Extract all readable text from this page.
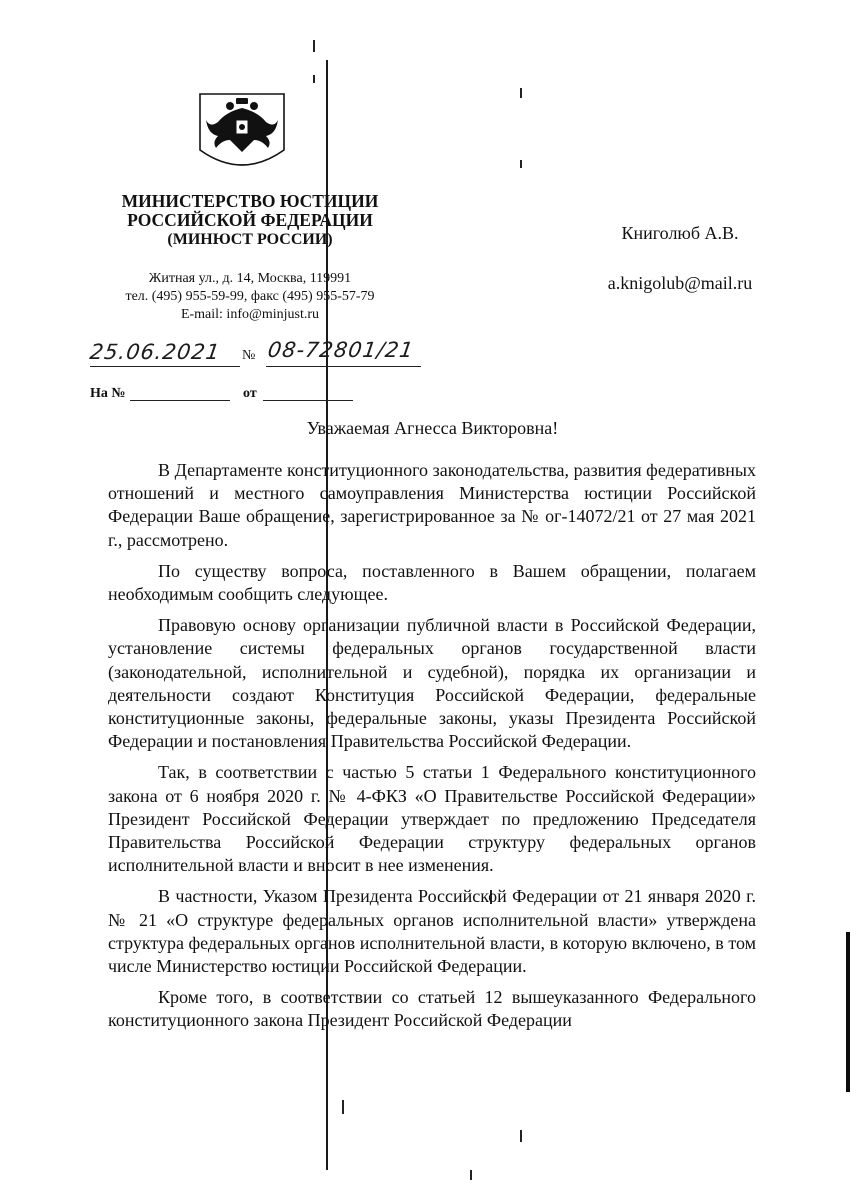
МИНИСТЕРСТВО ЮСТИЦИИ
РОССИЙСКОЙ ФЕДЕРАЦИИ
(МИНЮСТ РОССИИ)
Житная ул., д. 14, Москва, 119991
тел. (495) 955-59-99, факс (495) 955-57-79
E-mail: info@minjust.ru
Книголюб А.В.
a.knigolub@mail.ru
25.06.2021 № 08-72801/21
На №	от
Уважаемая Агнесса Викторовна!

В Департаменте конституционного законодательства, развития федеративных отношений и местного самоуправления Министерства юстиции Российской Федерации Ваше обращение, зарегистрированное за № ог-14072/21 от 27 мая 2021 г., рассмотрено.

По существу вопроса, поставленного в Вашем обращении, полагаем необходимым сообщить следующее.

Правовую основу организации публичной власти в Российской Федерации, установление системы федеральных органов государственной власти (законодательной, исполнительной и судебной), порядка их организации и деятельности создают Конституция Российской Федерации, федеральные конституционные законы, федеральные законы, указы Президента Российской Федерации и постановления Правительства Российской Федерации.

Так, в соответствии с частью 5 статьи 1 Федерального конституционного закона от 6 ноября 2020 г. № 4-ФКЗ «О Правительстве Российской Федерации» Президент Российской Федерации утверждает по предложению Председателя Правительства Российской Федерации структуру федеральных органов исполнительной власти и вносит в нее изменения.

В частности, Указом Президента Российской Федерации от 21 января 2020 г. № 21 «О структуре федеральных органов исполнительной власти» утверждена структура федеральных органов исполнительной власти, в которую включено, в том числе Министерство юстиции Российской Федерации.

Кроме того, в соответствии со статьей 12 вышеуказанного Федерального конституционного закона Президент Российской Федерации
